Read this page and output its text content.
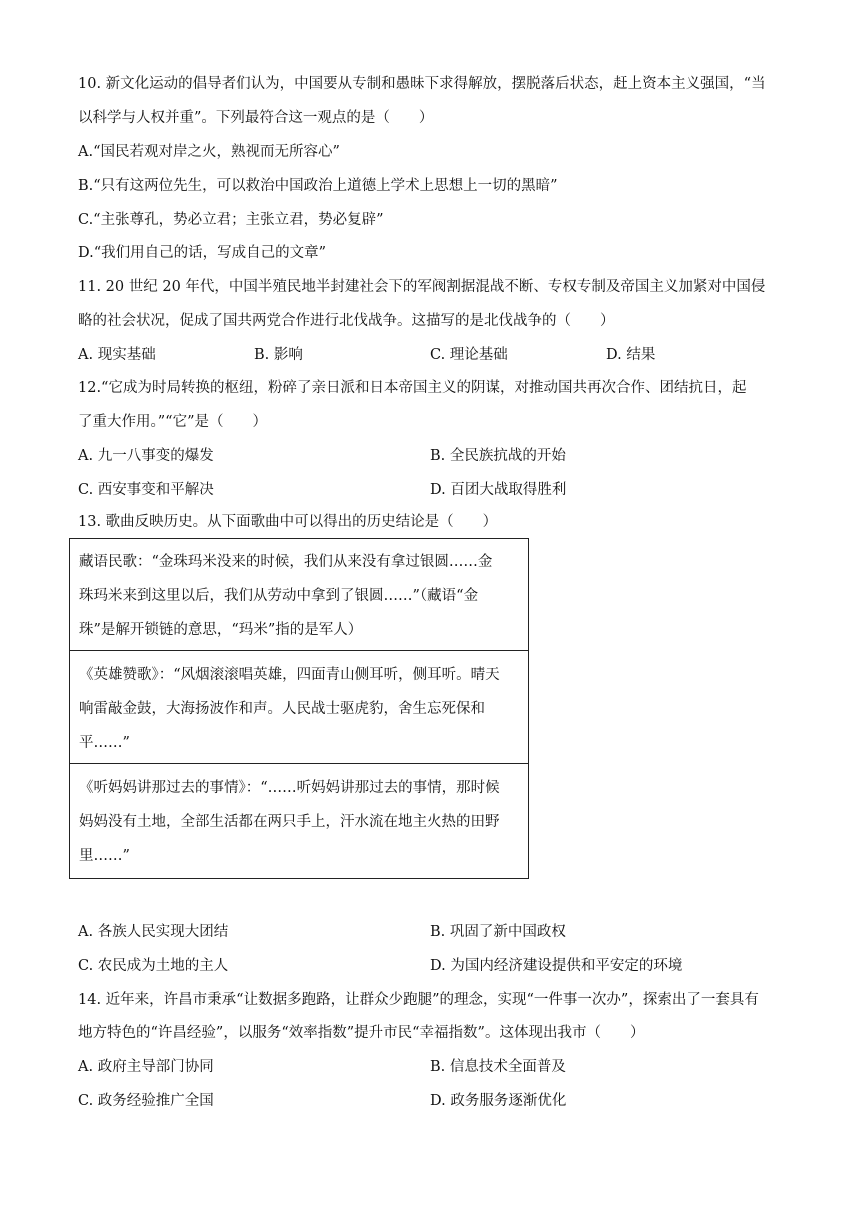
10. 新文化运动的倡导者们认为，中国要从专制和愚昧下求得解放，摆脱落后状态，赶上资本主义强国，“当
以科学与人权并重”。下列最符合这一观点的是（　　）
A.“国民若观对岸之火，熟视而无所容心”
B.“只有这两位先生，可以救治中国政治上道德上学术上思想上一切的黑暗”
C.“主张尊孔，势必立君；主张立君，势必复辟”
D.“我们用自己的话，写成自己的文章”
11. 20 世纪 20 年代，中国半殖民地半封建社会下的军阀割据混战不断、专权专制及帝国主义加紧对中国侵
略的社会状况，促成了国共两党合作进行北伐战争。这描写的是北伐战争的（　　）
A. 现实基础	B. 影响	C. 理论基础	D. 结果
12.“它成为时局转换的枢纽，粉碎了亲日派和日本帝国主义的阴谋，对推动国共再次合作、团结抗日，起
了重大作用。”“它”是（　　）
A. 九一八事变的爆发	B. 全民族抗战的开始
C. 西安事变和平解决	D. 百团大战取得胜利
13. 歌曲反映历史。从下面歌曲中可以得出的历史结论是（　　）
藏语民歌：“金珠玛米没来的时候，我们从来没有拿过银圆……金
珠玛米来到这里以后，我们从劳动中拿到了银圆……”（藏语“金
珠”是解开锁链的意思，“玛米”指的是军人）
《英雄赞歌》：“风烟滚滚唱英雄，四面青山侧耳听，侧耳听。晴天
响雷敲金鼓，大海扬波作和声。人民战士驱虎豹，舍生忘死保和
平……”
《听妈妈讲那过去的事情》：“……听妈妈讲那过去的事情，那时候
妈妈没有土地，全部生活都在两只手上，汗水流在地主火热的田野
里……”
A. 各族人民实现大团结	B. 巩固了新中国政权
C. 农民成为土地的主人	D. 为国内经济建设提供和平安定的环境
14. 近年来，许昌市秉承“让数据多跑路，让群众少跑腿”的理念，实现“一件事一次办”，探索出了一套具有
地方特色的“许昌经验”，以服务“效率指数”提升市民“幸福指数”。这体现出我市（　　）
A. 政府主导部门协同	B. 信息技术全面普及
C. 政务经验推广全国	D. 政务服务逐渐优化
